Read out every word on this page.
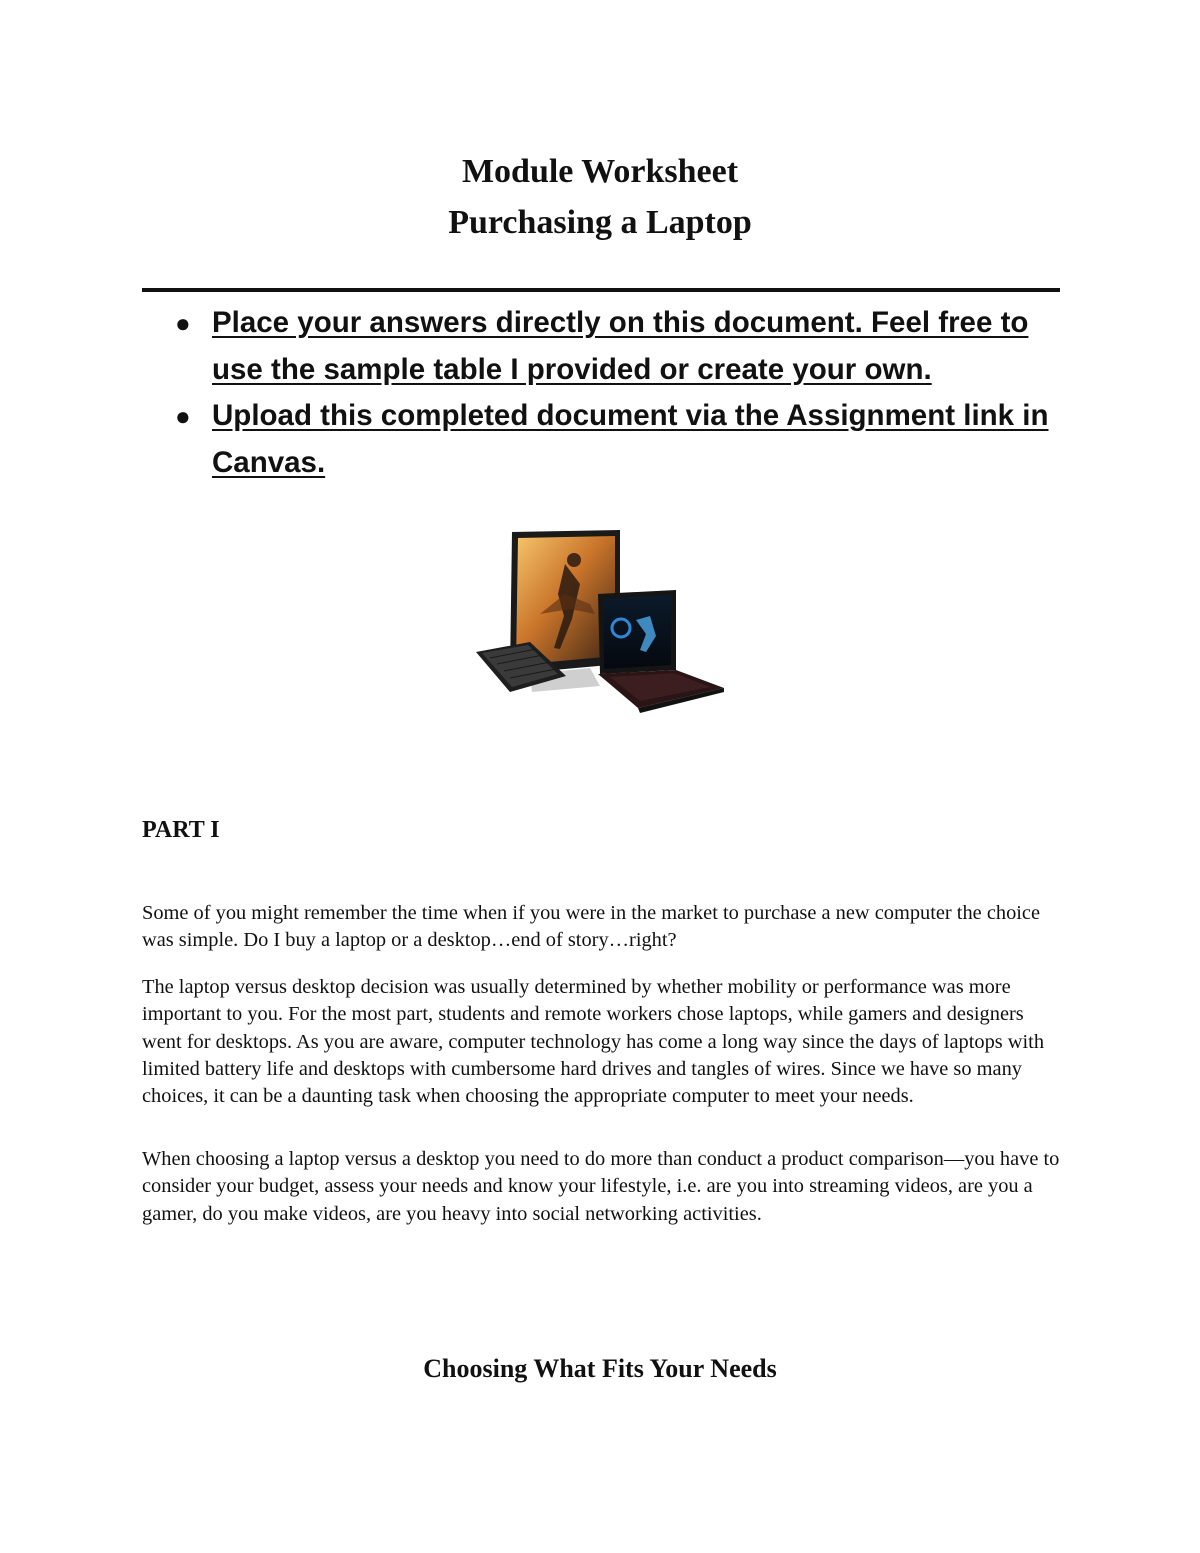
Module Worksheet
Purchasing a Laptop
● Place your answers directly on this document. Feel free to use the sample table I provided or create your own.
● Upload this completed document via the Assignment link in Canvas.
PART I

Some of you might remember the time when if you were in the market to purchase a new computer the choice was simple. Do I buy a laptop or a desktop…end of story…right?

The laptop versus desktop decision was usually determined by whether mobility or performance was more important to you. For the most part, students and remote workers chose laptops, while gamers and designers went for desktops. As you are aware, computer technology has come a long way since the days of laptops with limited battery life and desktops with cumbersome hard drives and tangles of wires. Since we have so many choices, it can be a daunting task when choosing the appropriate computer to meet your needs.

When choosing a laptop versus a desktop you need to do more than conduct a product comparison—you have to consider your budget, assess your needs and know your lifestyle, i.e. are you into streaming videos, are you a gamer, do you make videos, are you heavy into social networking activities.

Choosing What Fits Your Needs
